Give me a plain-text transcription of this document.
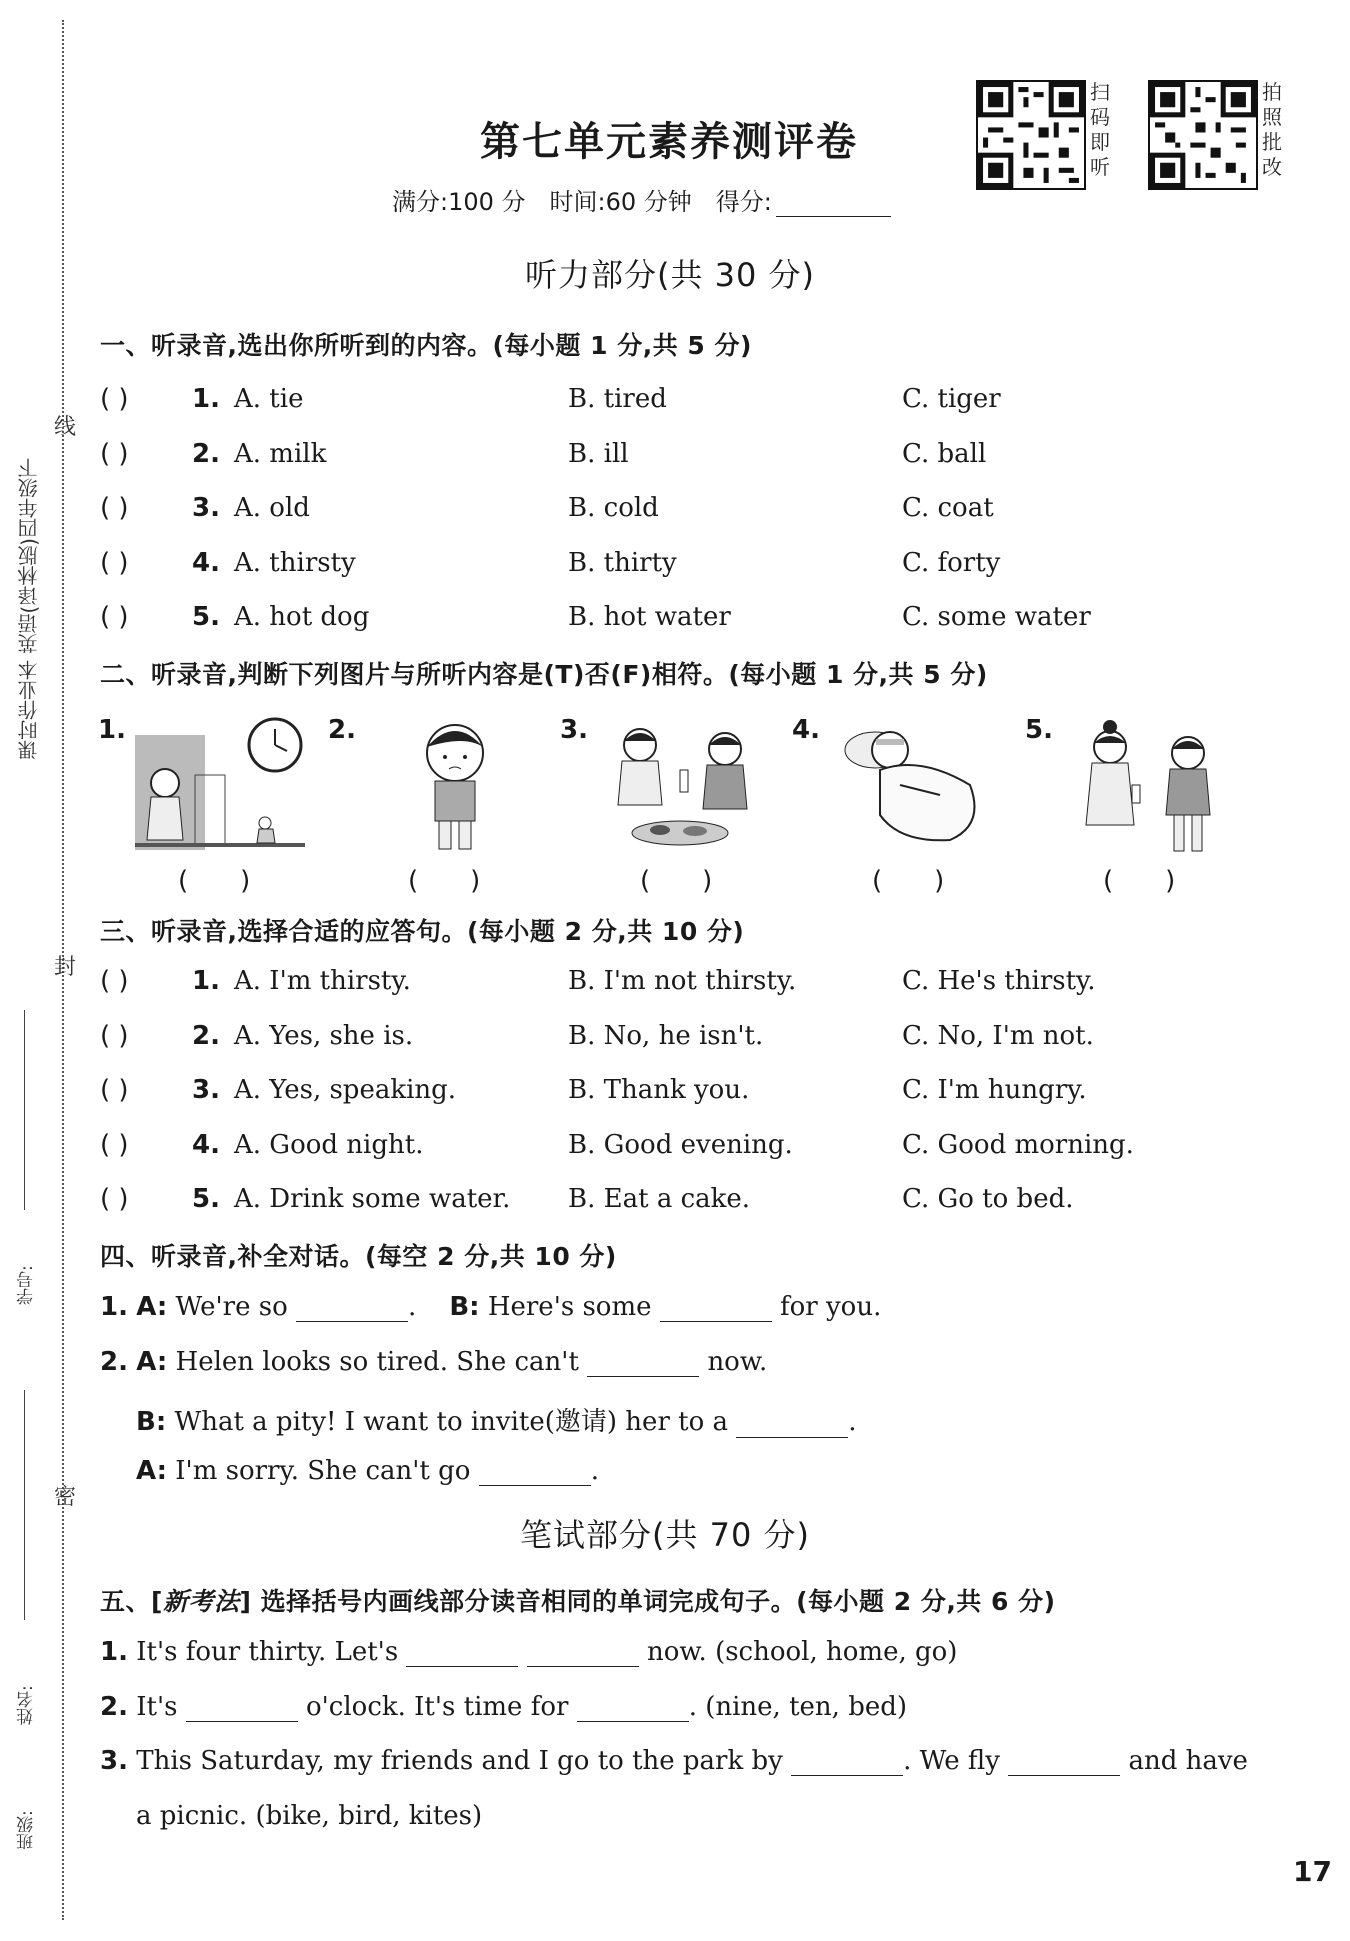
课时作业本 英语(译林版)四年级下
线
封
密
学号:
姓名:
班级:
第七单元素养测评卷
满分:100 分　时间:60 分钟　得分:
扫码即听
拍照批改
听力部分(共 30 分)
一、听录音,选出你所听到的内容。(每小题 1 分,共 5 分)
( ) 1. A. tie	B. tired	C. tiger
( ) 2. A. milk	B. ill	C. ball
( ) 3. A. old	B. cold	C. coat
( ) 4. A. thirsty	B. thirty	C. forty
( ) 5. A. hot dog	B. hot water	C. some water
二、听录音,判断下列图片与所听内容是(T)否(F)相符。(每小题 1 分,共 5 分)
1.	2.	3.	4.	5.
(　　)	(　　)	(　　)	(　　)	(　　)
三、听录音,选择合适的应答句。(每小题 2 分,共 10 分)
( ) 1. A. I'm thirsty.	B. I'm not thirsty.	C. He's thirsty.
( ) 2. A. Yes, she is.	B. No, he isn't.	C. No, I'm not.
( ) 3. A. Yes, speaking.	B. Thank you.	C. I'm hungry.
( ) 4. A. Good night.	B. Good evening.	C. Good morning.
( ) 5. A. Drink some water. B. Eat a cake.	C. Go to bed.
四、听录音,补全对话。(每空 2 分,共 10 分)
1. A: We're so	. B: Here's some	for you.
2. A: Helen looks so tired. She can't	now.
B: What a pity! I want to invite(邀请) her to a	.
A: I'm sorry. She can't go	.
笔试部分(共 70 分)
五、[新考法] 选择括号内画线部分读音相同的单词完成句子。(每小题 2 分,共 6 分)
1. It's four thirty. Let's	now. (school, home, go)
2. It's	o'clock. It's time for	. (nine, ten, bed)
3. This Saturday, my friends and I go to the park by	. We fly	and have
a picnic. (bike, bird, kites)
17
